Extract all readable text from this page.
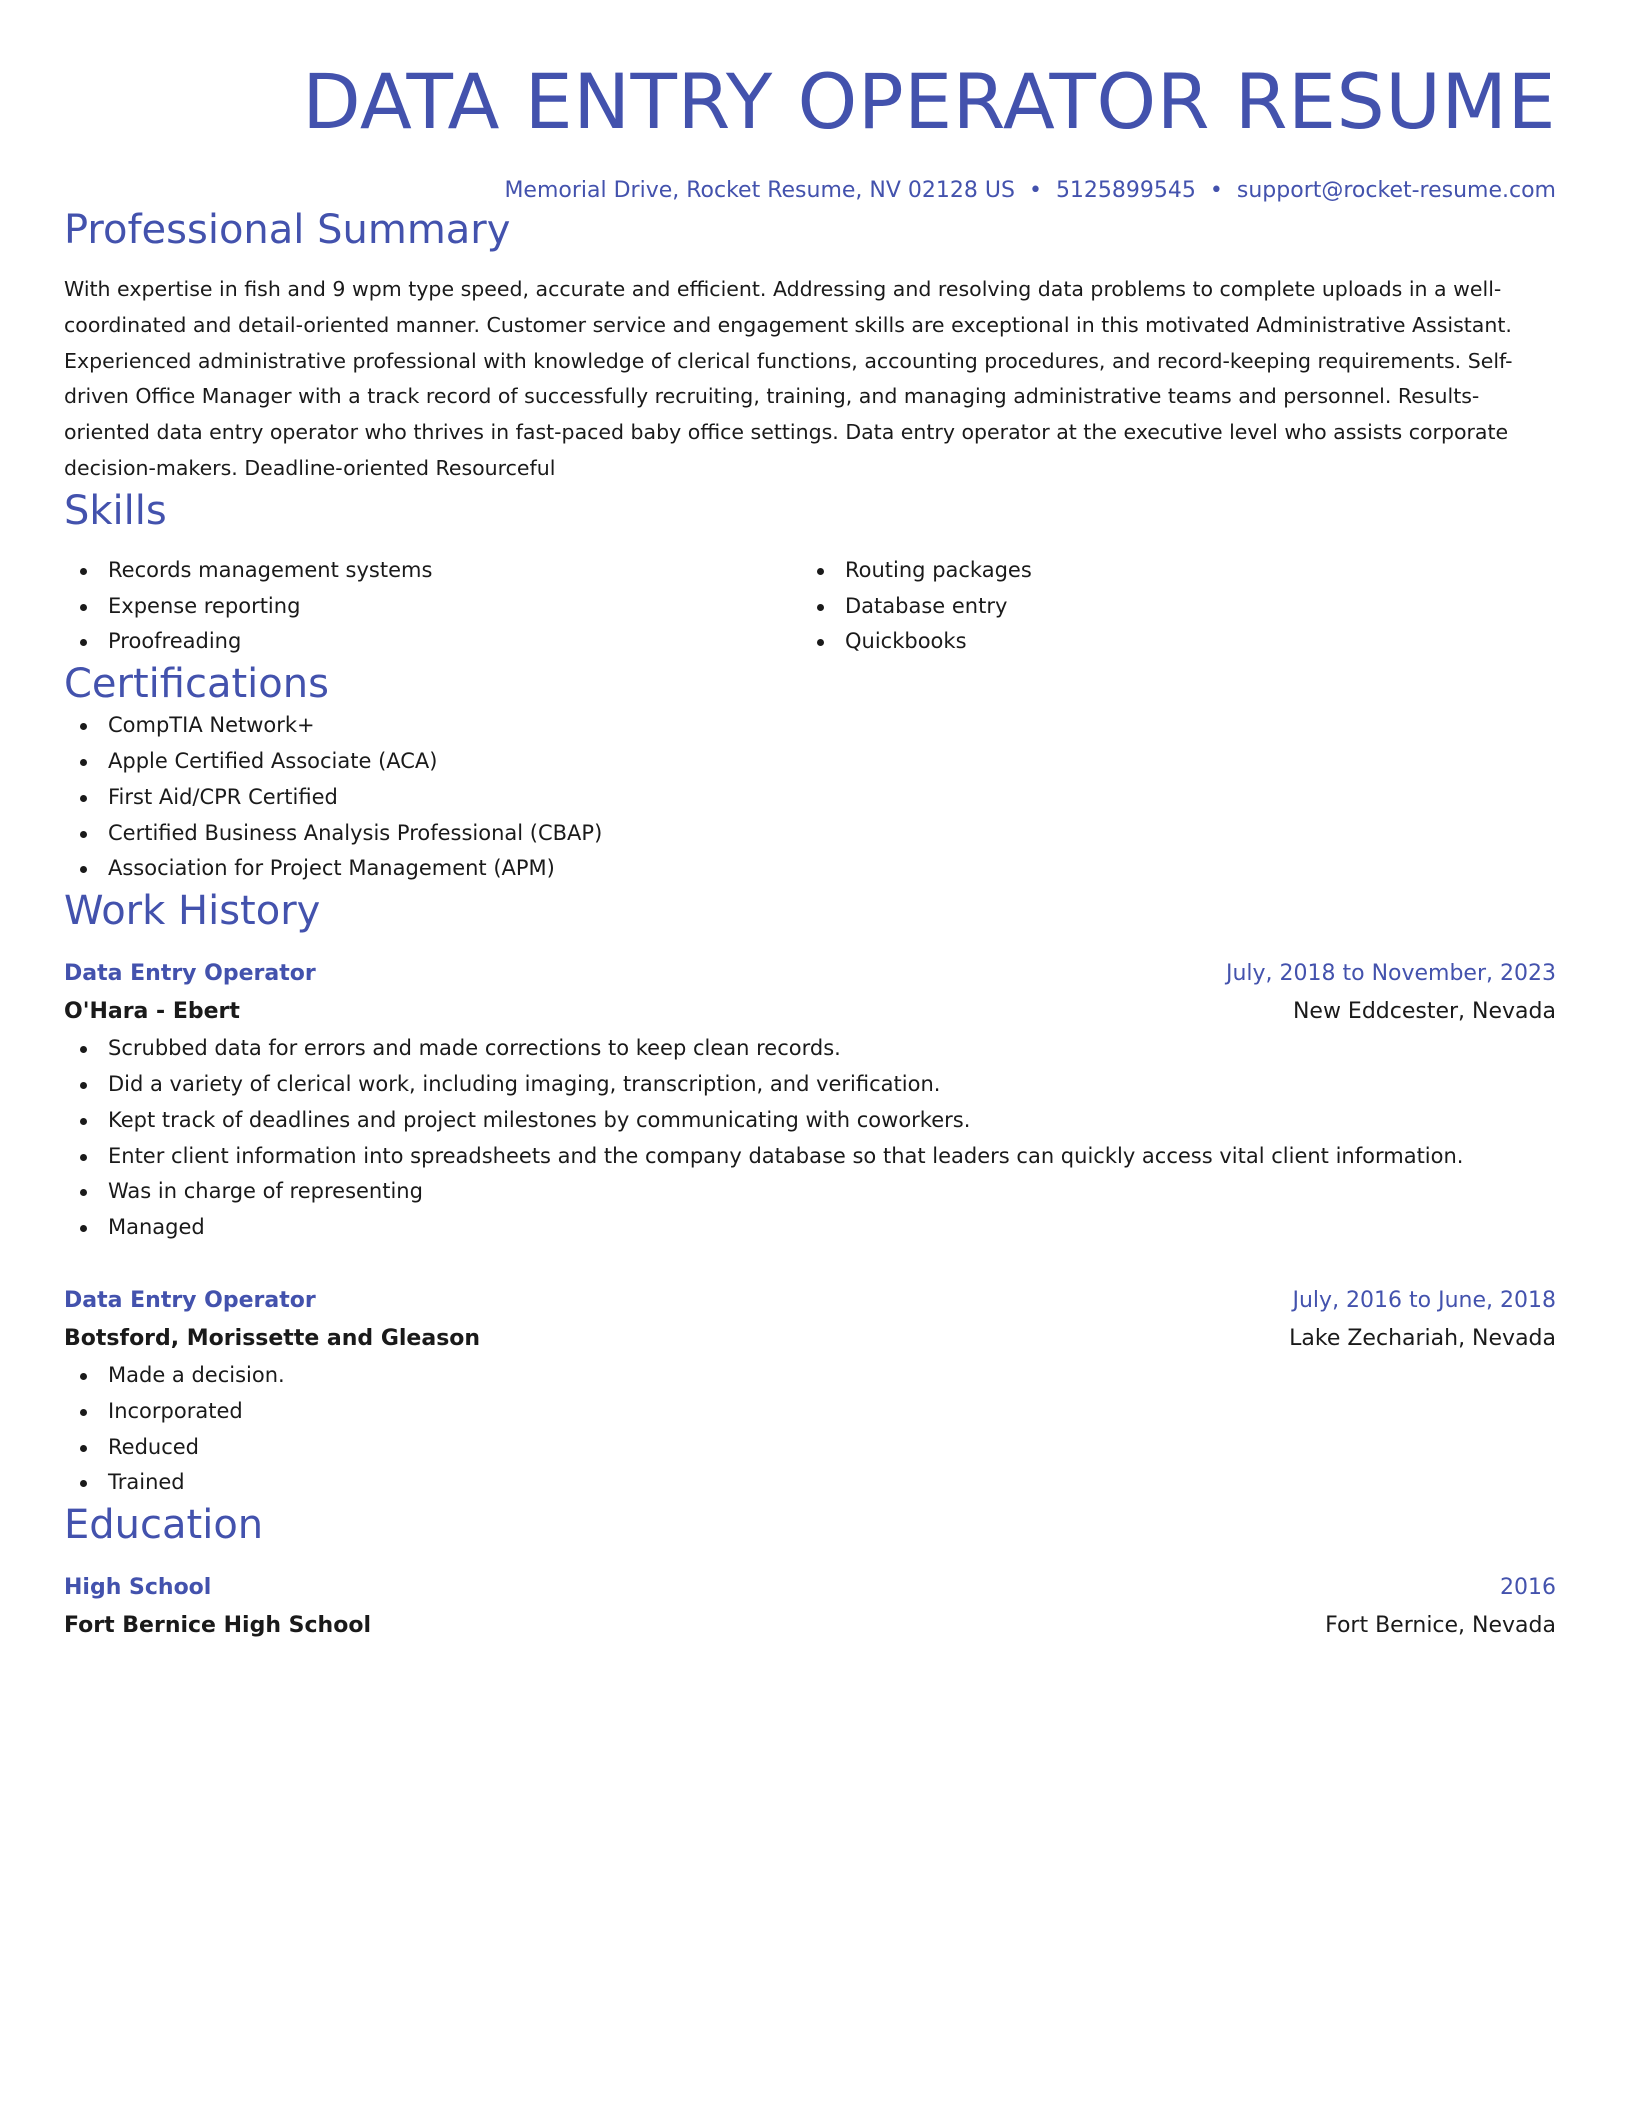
DATA ENTRY OPERATOR RESUME
Memorial Drive, Rocket Resume, NV 02128 US • 5125899545 • support@rocket-resume.com
Professional Summary
With expertise in fish and 9 wpm type speed, accurate and efficient. Addressing and resolving data problems to complete uploads in a well-coordinated and detail-oriented manner. Customer service and engagement skills are exceptional in this motivated Administrative Assistant. Experienced administrative professional with knowledge of clerical functions, accounting procedures, and record-keeping requirements. Self-driven Office Manager with a track record of successfully recruiting, training, and managing administrative teams and personnel. Results-oriented data entry operator who thrives in fast-paced baby office settings. Data entry operator at the executive level who assists corporate decision-makers. Deadline-oriented Resourceful
Skills
Records management systems
Expense reporting
Proofreading
Routing packages
Database entry
Quickbooks
Certifications
CompTIA Network+
Apple Certified Associate (ACA)
First Aid/CPR Certified
Certified Business Analysis Professional (CBAP)
Association for Project Management (APM)
Work History
Data Entry Operator	July, 2018 to November, 2023
O'Hara - Ebert	New Eddcester, Nevada
Scrubbed data for errors and made corrections to keep clean records.
Did a variety of clerical work, including imaging, transcription, and verification.
Kept track of deadlines and project milestones by communicating with coworkers.
Enter client information into spreadsheets and the company database so that leaders can quickly access vital client information.
Was in charge of representing
Managed
Data Entry Operator	July, 2016 to June, 2018
Botsford, Morissette and Gleason	Lake Zechariah, Nevada
Made a decision.
Incorporated
Reduced
Trained
Education
High School	2016
Fort Bernice High School	Fort Bernice, Nevada
